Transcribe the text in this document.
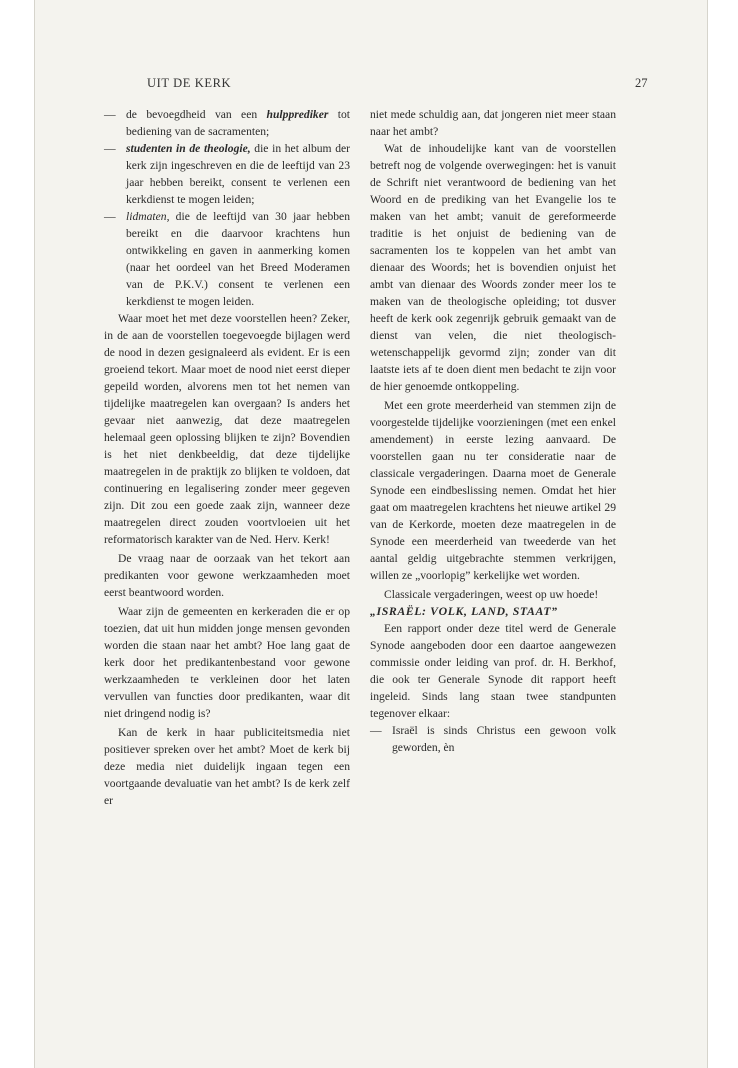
UIT DE KERK	27

— de bevoegdheid van een hulpprediker tot bediening van de sacramenten;

— studenten in de theologie, die in het album der kerk zijn ingeschreven en die de leeftijd van 23 jaar hebben bereikt, consent te verlenen een kerkdienst te mogen leiden;

— lidmaten, die de leeftijd van 30 jaar hebben bereikt en die daarvoor krachtens hun ontwikkeling en gaven in aanmerking komen (naar het oordeel van het Breed Moderamen van de P.K.V.) consent te verlenen een kerkdienst te mogen leiden.

Waar moet het met deze voorstellen heen? Zeker, in de aan de voorstellen toegevoegde bijlagen werd de nood in dezen gesignaleerd als evident. Er is een groeiend tekort. Maar moet de nood niet eerst dieper gepeild worden, alvorens men tot het nemen van tijdelijke maatregelen kan overgaan? Is anders het gevaar niet aanwezig, dat deze maatregelen helemaal geen oplossing blijken te zijn? Bovendien is het niet denkbeeldig, dat deze tijdelijke maatregelen in de praktijk zo blijken te voldoen, dat continuering en legalisering zonder meer gegeven zijn. Dit zou een goede zaak zijn, wanneer deze maatregelen direct zouden voortvloeien uit het reformatorisch karakter van de Ned. Herv. Kerk!

De vraag naar de oorzaak van het tekort aan predikanten voor gewone werkzaamheden moet eerst beantwoord worden.

Waar zijn de gemeenten en kerkeraden die er op toezien, dat uit hun midden jonge mensen gevonden worden die staan naar het ambt? Hoe lang gaat de kerk door het predikantenbestand voor gewone werkzaamheden te verkleinen door het laten vervullen van functies door predikanten, waar dit niet dringend nodig is?

Kan de kerk in haar publiciteitsmedia niet positiever spreken over het ambt? Moet de kerk bij deze media niet duidelijk ingaan tegen een voortgaande devaluatie van het ambt? Is de kerk zelf er

niet mede schuldig aan, dat jongeren niet meer staan naar het ambt?

Wat de inhoudelijke kant van de voorstellen betreft nog de volgende overwegingen: het is vanuit de Schrift niet verantwoord de bediening van het Woord en de prediking van het Evangelie los te maken van het ambt; vanuit de gereformeerde traditie is het onjuist de bediening van de sacramenten los te koppelen van het ambt van dienaar des Woords; het is bovendien onjuist het ambt van dienaar des Woords zonder meer los te maken van de theologische opleiding; tot dusver heeft de kerk ook zegenrijk gebruik gemaakt van de dienst van velen, die niet theologisch-wetenschappelijk gevormd zijn; zonder van dit laatste iets af te doen dient men bedacht te zijn voor de hier genoemde ontkoppeling.

Met een grote meerderheid van stemmen zijn de voorgestelde tijdelijke voorzieningen (met een enkel amendement) in eerste lezing aanvaard. De voorstellen gaan nu ter consideratie naar de classicale vergaderingen. Daarna moet de Generale Synode een eindbeslissing nemen. Omdat het hier gaat om maatregelen krachtens het nieuwe artikel 29 van de Kerkorde, moeten deze maatregelen in de Synode een meerderheid van tweederde van het aantal geldig uitgebrachte stemmen verkrijgen, willen ze „voorlopig” kerkelijke wet worden.

Classicale vergaderingen, weest op uw hoede!

„ISRAËL: VOLK, LAND, STAAT”

Een rapport onder deze titel werd de Generale Synode aangeboden door een daartoe aangewezen commissie onder leiding van prof. dr. H. Berkhof, die ook ter Generale Synode dit rapport heeft ingeleid. Sinds lang staan twee standpunten tegenover elkaar:

— Israël is sinds Christus een gewoon volk geworden, èn
